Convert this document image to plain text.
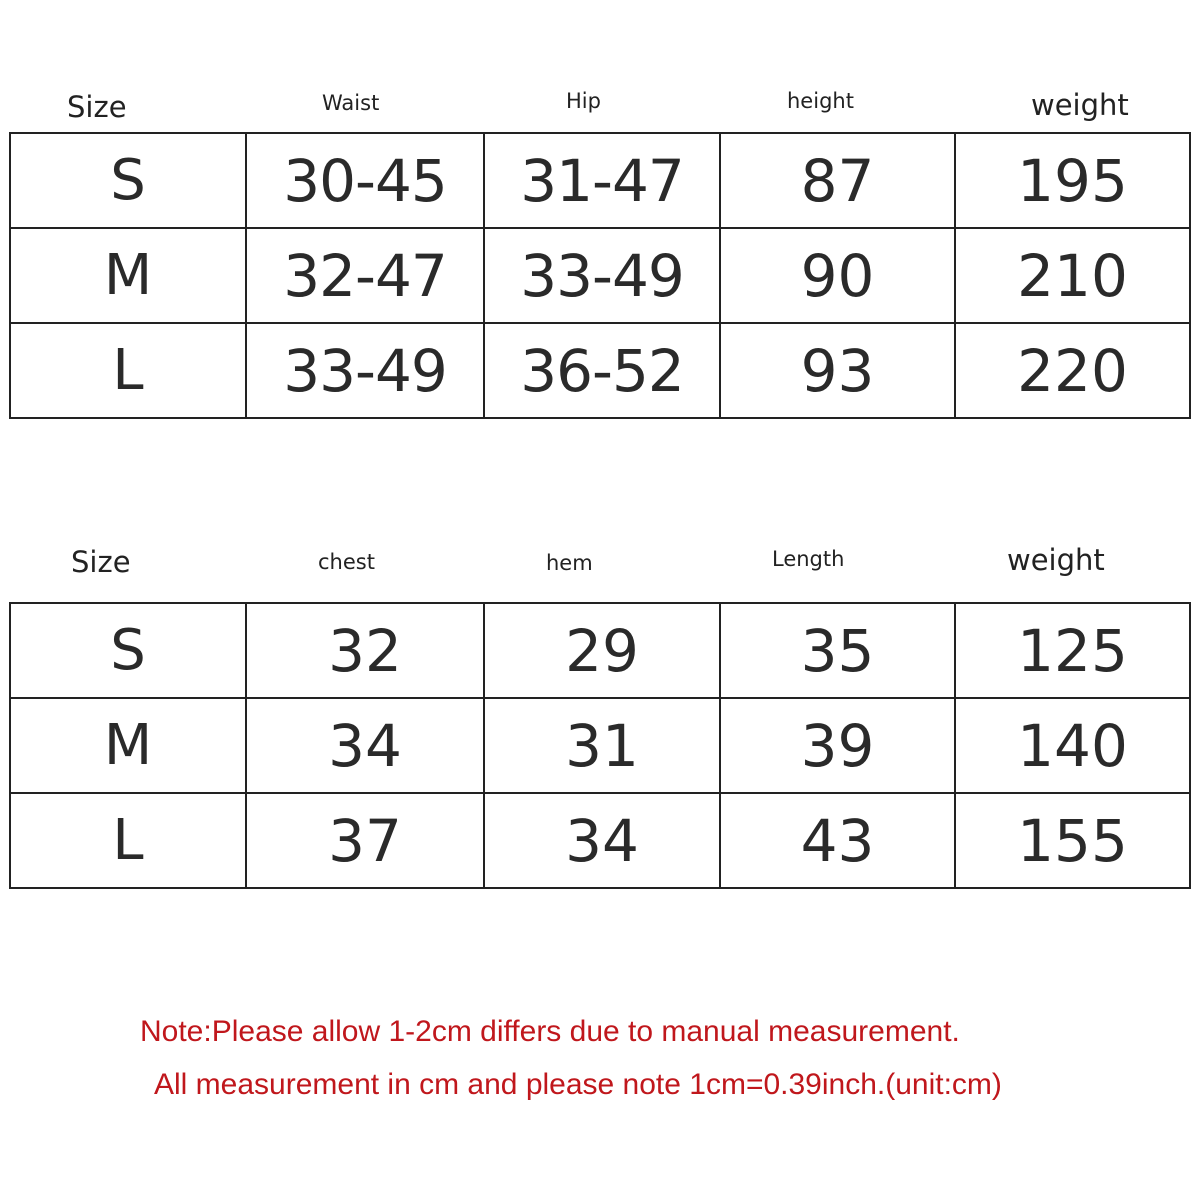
Size	Waist	Hip	height	weight
S	30-45	31-47	87	195
M	32-47	33-49	90	210
L	33-49	36-52	93	220
Size	chest	hem	Length	weight
S	32	29	35	125
M	34	31	39	140
L	37	34	43	155
Note:Please allow 1-2cm differs due to manual measurement.
All measurement in cm and please note 1cm=0.39inch.(unit:cm)
